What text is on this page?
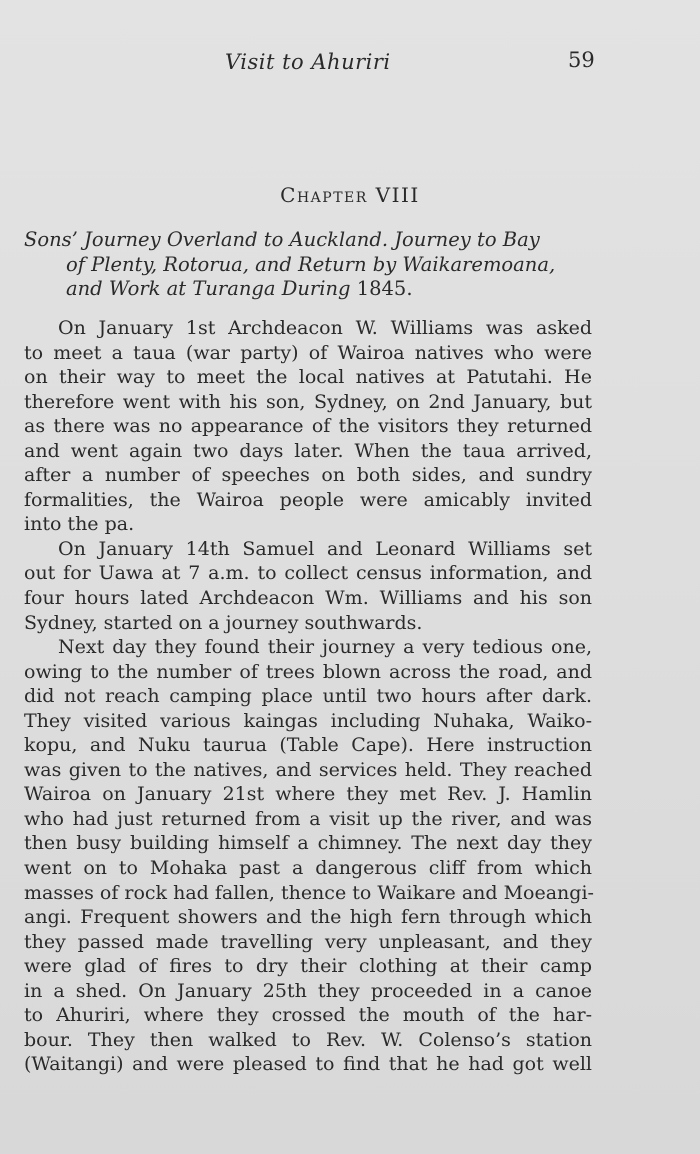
Visit to Ahuriri	59
Chapter VIII
Sons’ Journey Overland to Auckland. Journey to Bay
of Plenty, Rotorua, and Return by Waikaremoana,
and Work at Turanga During 1845.
On January 1st Archdeacon W. Williams was asked
to meet a taua (war party) of Wairoa natives who were
on their way to meet the local natives at Patutahi. He
therefore went with his son, Sydney, on 2nd January, but
as there was no appearance of the visitors they returned
and went again two days later. When the taua arrived,
after a number of speeches on both sides, and sundry
formalities, the Wairoa people were amicably invited
into the pa.
On January 14th Samuel and Leonard Williams set
out for Uawa at 7 a.m. to collect census information, and
four hours lated Archdeacon Wm. Williams and his son
Sydney, started on a journey southwards.
Next day they found their journey a very tedious one,
owing to the number of trees blown across the road, and
did not reach camping place until two hours after dark.
They visited various kaingas including Nuhaka, Waiko-
kopu, and Nuku taurua (Table Cape). Here instruction
was given to the natives, and services held. They reached
Wairoa on January 21st where they met Rev. J. Hamlin
who had just returned from a visit up the river, and was
then busy building himself a chimney. The next day they
went on to Mohaka past a dangerous cliff from which
masses of rock had fallen, thence to Waikare and Moeangi-
angi. Frequent showers and the high fern through which
they passed made travelling very unpleasant, and they
were glad of fires to dry their clothing at their camp
in a shed. On January 25th they proceeded in a canoe
to Ahuriri, where they crossed the mouth of the har-
bour. They then walked to Rev. W. Colenso’s station
(Waitangi) and were pleased to find that he had got well
